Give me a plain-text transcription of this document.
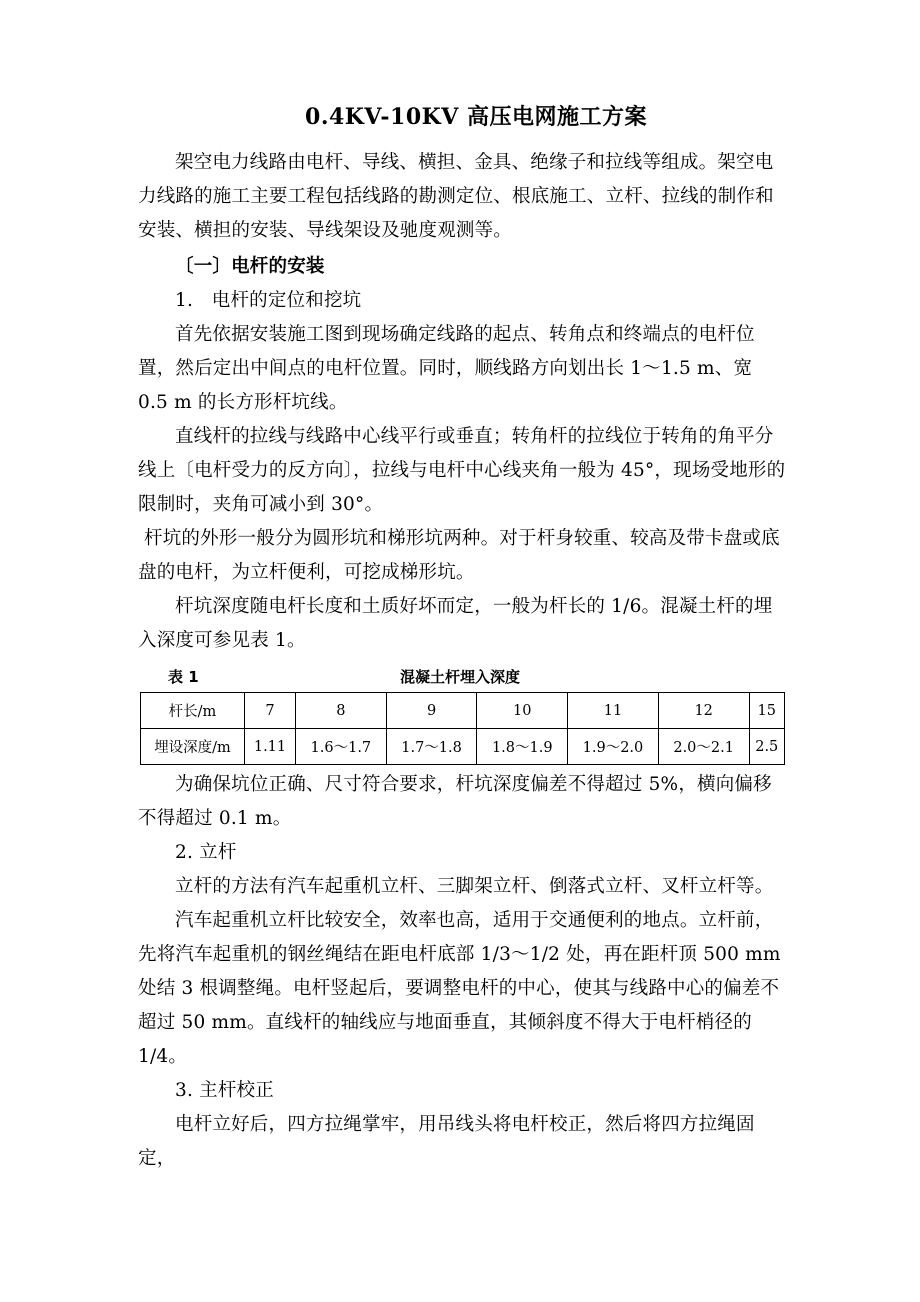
0.4KV-10KV 高压电网施工方案

架空电力线路由电杆、导线、横担、金具、绝缘子和拉线等组成。架空电力线路的施工主要工程包括线路的勘测定位、根底施工、立杆、拉线的制作和安装、横担的安装、导线架设及驰度观测等。

〔一〕电杆的安装

1.　电杆的定位和挖坑

首先依据安装施工图到现场确定线路的起点、转角点和终端点的电杆位置，然后定出中间点的电杆位置。同时，顺线路方向划出长 1～1.5 m、宽 0.5 m 的长方形杆坑线。

直线杆的拉线与线路中心线平行或垂直；转角杆的拉线位于转角的角平分线上〔电杆受力的反方向〕，拉线与电杆中心线夹角一般为 45°，现场受地形的限制时，夹角可减小到 30°。

杆坑的外形一般分为圆形坑和梯形坑两种。对于杆身较重、较高及带卡盘或底盘的电杆，为立杆便利，可挖成梯形坑。

杆坑深度随电杆长度和土质好坏而定，一般为杆长的 1/6。混凝土杆的埋入深度可参见表 1。

表 1	混凝土杆埋入深度
杆长/m	7	8	9	10	11	12	15
埋设深度/m	1.11	1.6～1.7	1.7～1.8	1.8～1.9	1.9～2.0	2.0～2.1	2.5

为确保坑位正确、尺寸符合要求，杆坑深度偏差不得超过 5%，横向偏移不得超过 0.1 m。

2. 立杆

立杆的方法有汽车起重机立杆、三脚架立杆、倒落式立杆、叉杆立杆等。

汽车起重机立杆比较安全，效率也高，适用于交通便利的地点。立杆前，先将汽车起重机的钢丝绳结在距电杆底部 1/3～1/2 处，再在距杆顶 500 mm 处结 3 根调整绳。电杆竖起后，要调整电杆的中心，使其与线路中心的偏差不超过 50 mm。直线杆的轴线应与地面垂直，其倾斜度不得大于电杆梢径的 1/4。

3. 主杆校正

电杆立好后，四方拉绳掌牢，用吊线头将电杆校正，然后将四方拉绳固定，
